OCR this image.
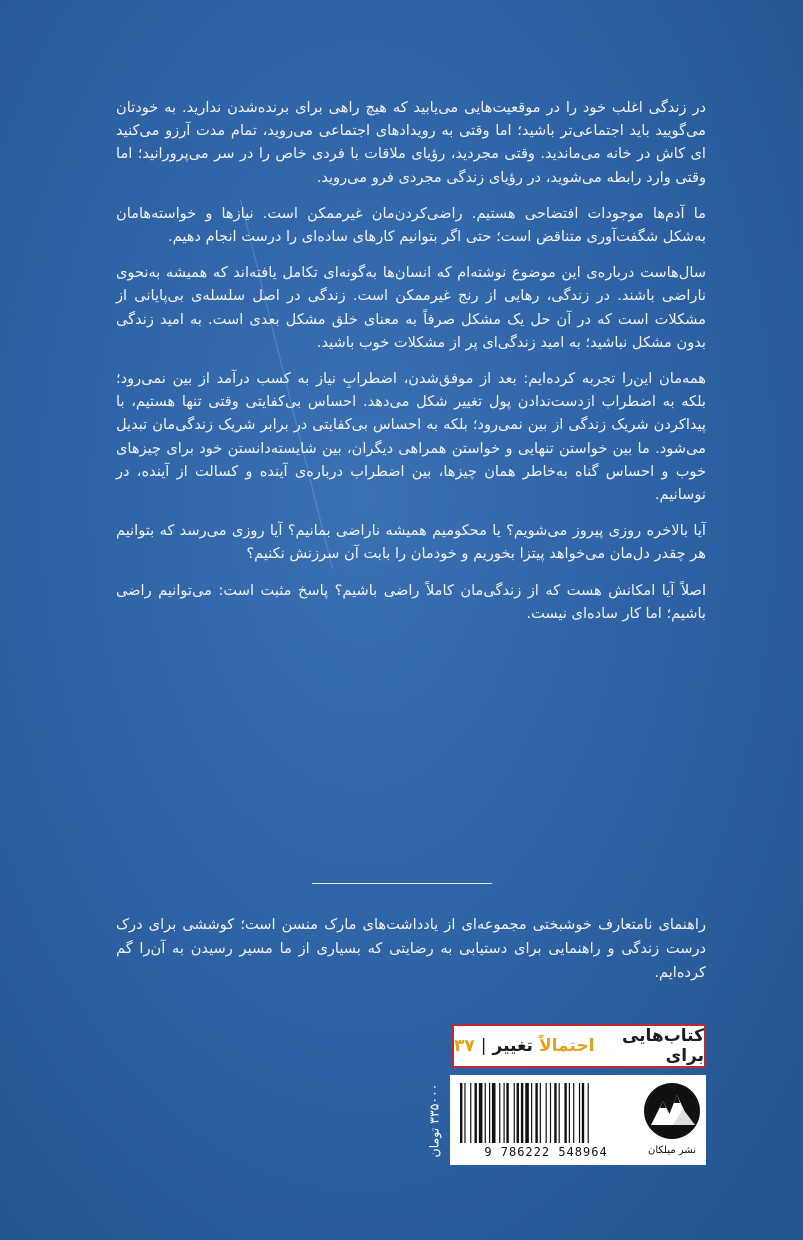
در زندگی اغلب خود را در موقعیت‌هایی می‌یابید که هیچ راهی برای برنده‌شدن ندارید. به خودتان می‌گویید باید اجتماعی‌تر باشید؛ اما وقتی به رویدادهای اجتماعی می‌روید، تمام مدت آرزو می‌کنید ای کاش در خانه می‌ماندید. وقتی مجردید، رؤیای ملاقات با فردی خاص را در سر می‌پرورانید؛ اما وقتی وارد رابطه می‌شوید، در رؤیای زندگی مجردی فرو می‌روید.

ما آدم‌ها موجودات افتضاحی هستیم. راضی‌کردن‌مان غیرممکن است. نیازها و خواسته‌هامان به‌شکل شگفت‌آوری متناقض است؛ حتی اگر بتوانیم کارهای ساده‌ای را درست انجام دهیم.

سال‌هاست درباره‌ی این موضوع نوشته‌ام که انسان‌ها به‌گونه‌ای تکامل یافته‌اند که همیشه به‌نحوی ناراضی باشند. در زندگی، رهایی از رنج غیرممکن است. زندگی در اصل سلسله‌ی بی‌پایانی از مشکلات است که در آن حل یک مشکل صرفاً به معنای خلق مشکل بعدی است. به امید زندگی بدون مشکل نباشید؛ به امید زندگی‌ای پر از مشکلات خوب باشید.

همه‌مان این‌را تجربه کرده‌ایم: بعد از موفق‌شدن، اضطرابِ نیاز به کسب درآمد از بین نمی‌رود؛ بلکه به اضطراب ازدست‌ندادن پول تغییر شکل می‌دهد. احساس بی‌کفایتی وقتی تنها هستیم، با پیداکردن شریک زندگی از بین نمی‌رود؛ بلکه به احساس بی‌کفایتی در برابر شریک زندگی‌مان تبدیل می‌شود. ما بین خواستن تنهایی و خواستن همراهی دیگران، بین شایسته‌دانستن خود برای چیزهای خوب و احساس گناه به‌خاطر همان چیزها، بین اضطراب درباره‌ی آینده و کسالت از آینده، در نوسانیم.

آیا بالاخره روزی پیروز می‌شویم؟ یا محکومیم همیشه ناراضی بمانیم؟ آیا روزی می‌رسد که بتوانیم هر چقدر دل‌مان می‌خواهد پیتزا بخوریم و خودمان را بابت آن سرزنش نکنیم؟

اصلاً آیا امکانش هست که از زندگی‌مان کاملاً راضی باشیم؟ پاسخ مثبت است: می‌توانیم راضی باشیم؛ اما کار ساده‌ای نیست.

راهنمای نامتعارف خوشبختی مجموعه‌ای از یادداشت‌های مارک منسن است؛ کوششی برای درک درست زندگی و راهنمایی برای دستیابی به رضایتی که بسیاری از ما مسیر رسیدن به آن‌را گم کرده‌ایم.

کتاب‌هایی برای
احتمالاً
تغییر
|
۳۷
۳۳۵۰۰۰ تومان
9 786222 548964	نشر میلکان
